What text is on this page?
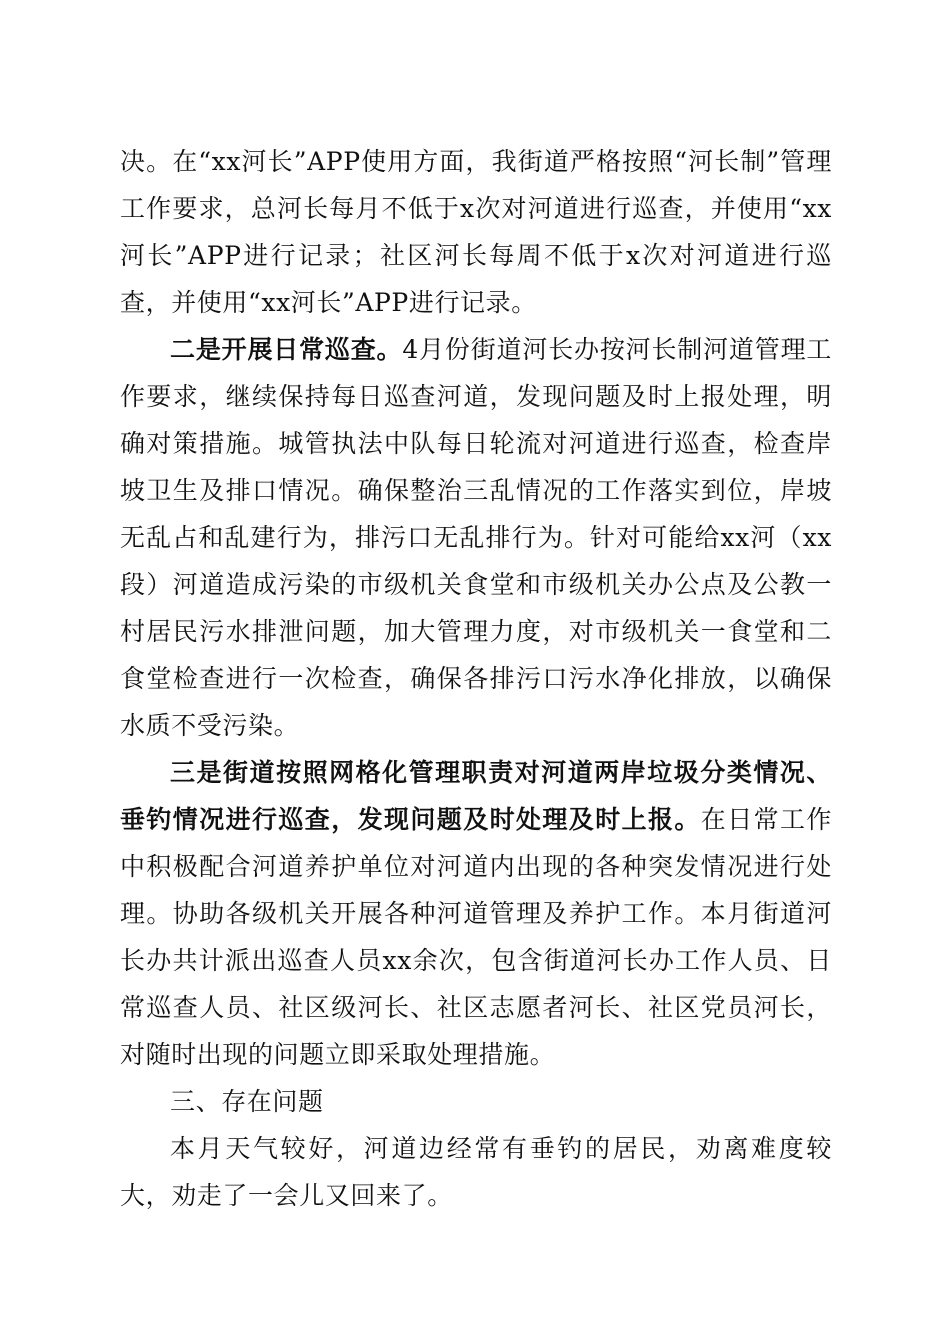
决。在“xx河长”APP使用方面，我街道严格按照“河长制”管理工作要求，总河长每月不低于x次对河道进行巡查，并使用“xx河长”APP进行记录；社区河长每周不低于x次对河道进行巡查，并使用“xx河长”APP进行记录。

二是开展日常巡查。4月份街道河长办按河长制河道管理工作要求，继续保持每日巡查河道，发现问题及时上报处理，明确对策措施。城管执法中队每日轮流对河道进行巡查，检查岸坡卫生及排口情况。确保整治三乱情况的工作落实到位，岸坡无乱占和乱建行为，排污口无乱排行为。针对可能给xx河（xx段）河道造成污染的市级机关食堂和市级机关办公点及公教一村居民污水排泄问题，加大管理力度，对市级机关一食堂和二食堂检查进行一次检查，确保各排污口污水净化排放，以确保水质不受污染。

三是街道按照网格化管理职责对河道两岸垃圾分类情况、垂钓情况进行巡查，发现问题及时处理及时上报。在日常工作中积极配合河道养护单位对河道内出现的各种突发情况进行处理。协助各级机关开展各种河道管理及养护工作。本月街道河长办共计派出巡查人员xx余次，包含街道河长办工作人员、日常巡查人员、社区级河长、社区志愿者河长、社区党员河长，对随时出现的问题立即采取处理措施。

三、存在问题

本月天气较好，河道边经常有垂钓的居民，劝离难度较大，劝走了一会儿又回来了。
